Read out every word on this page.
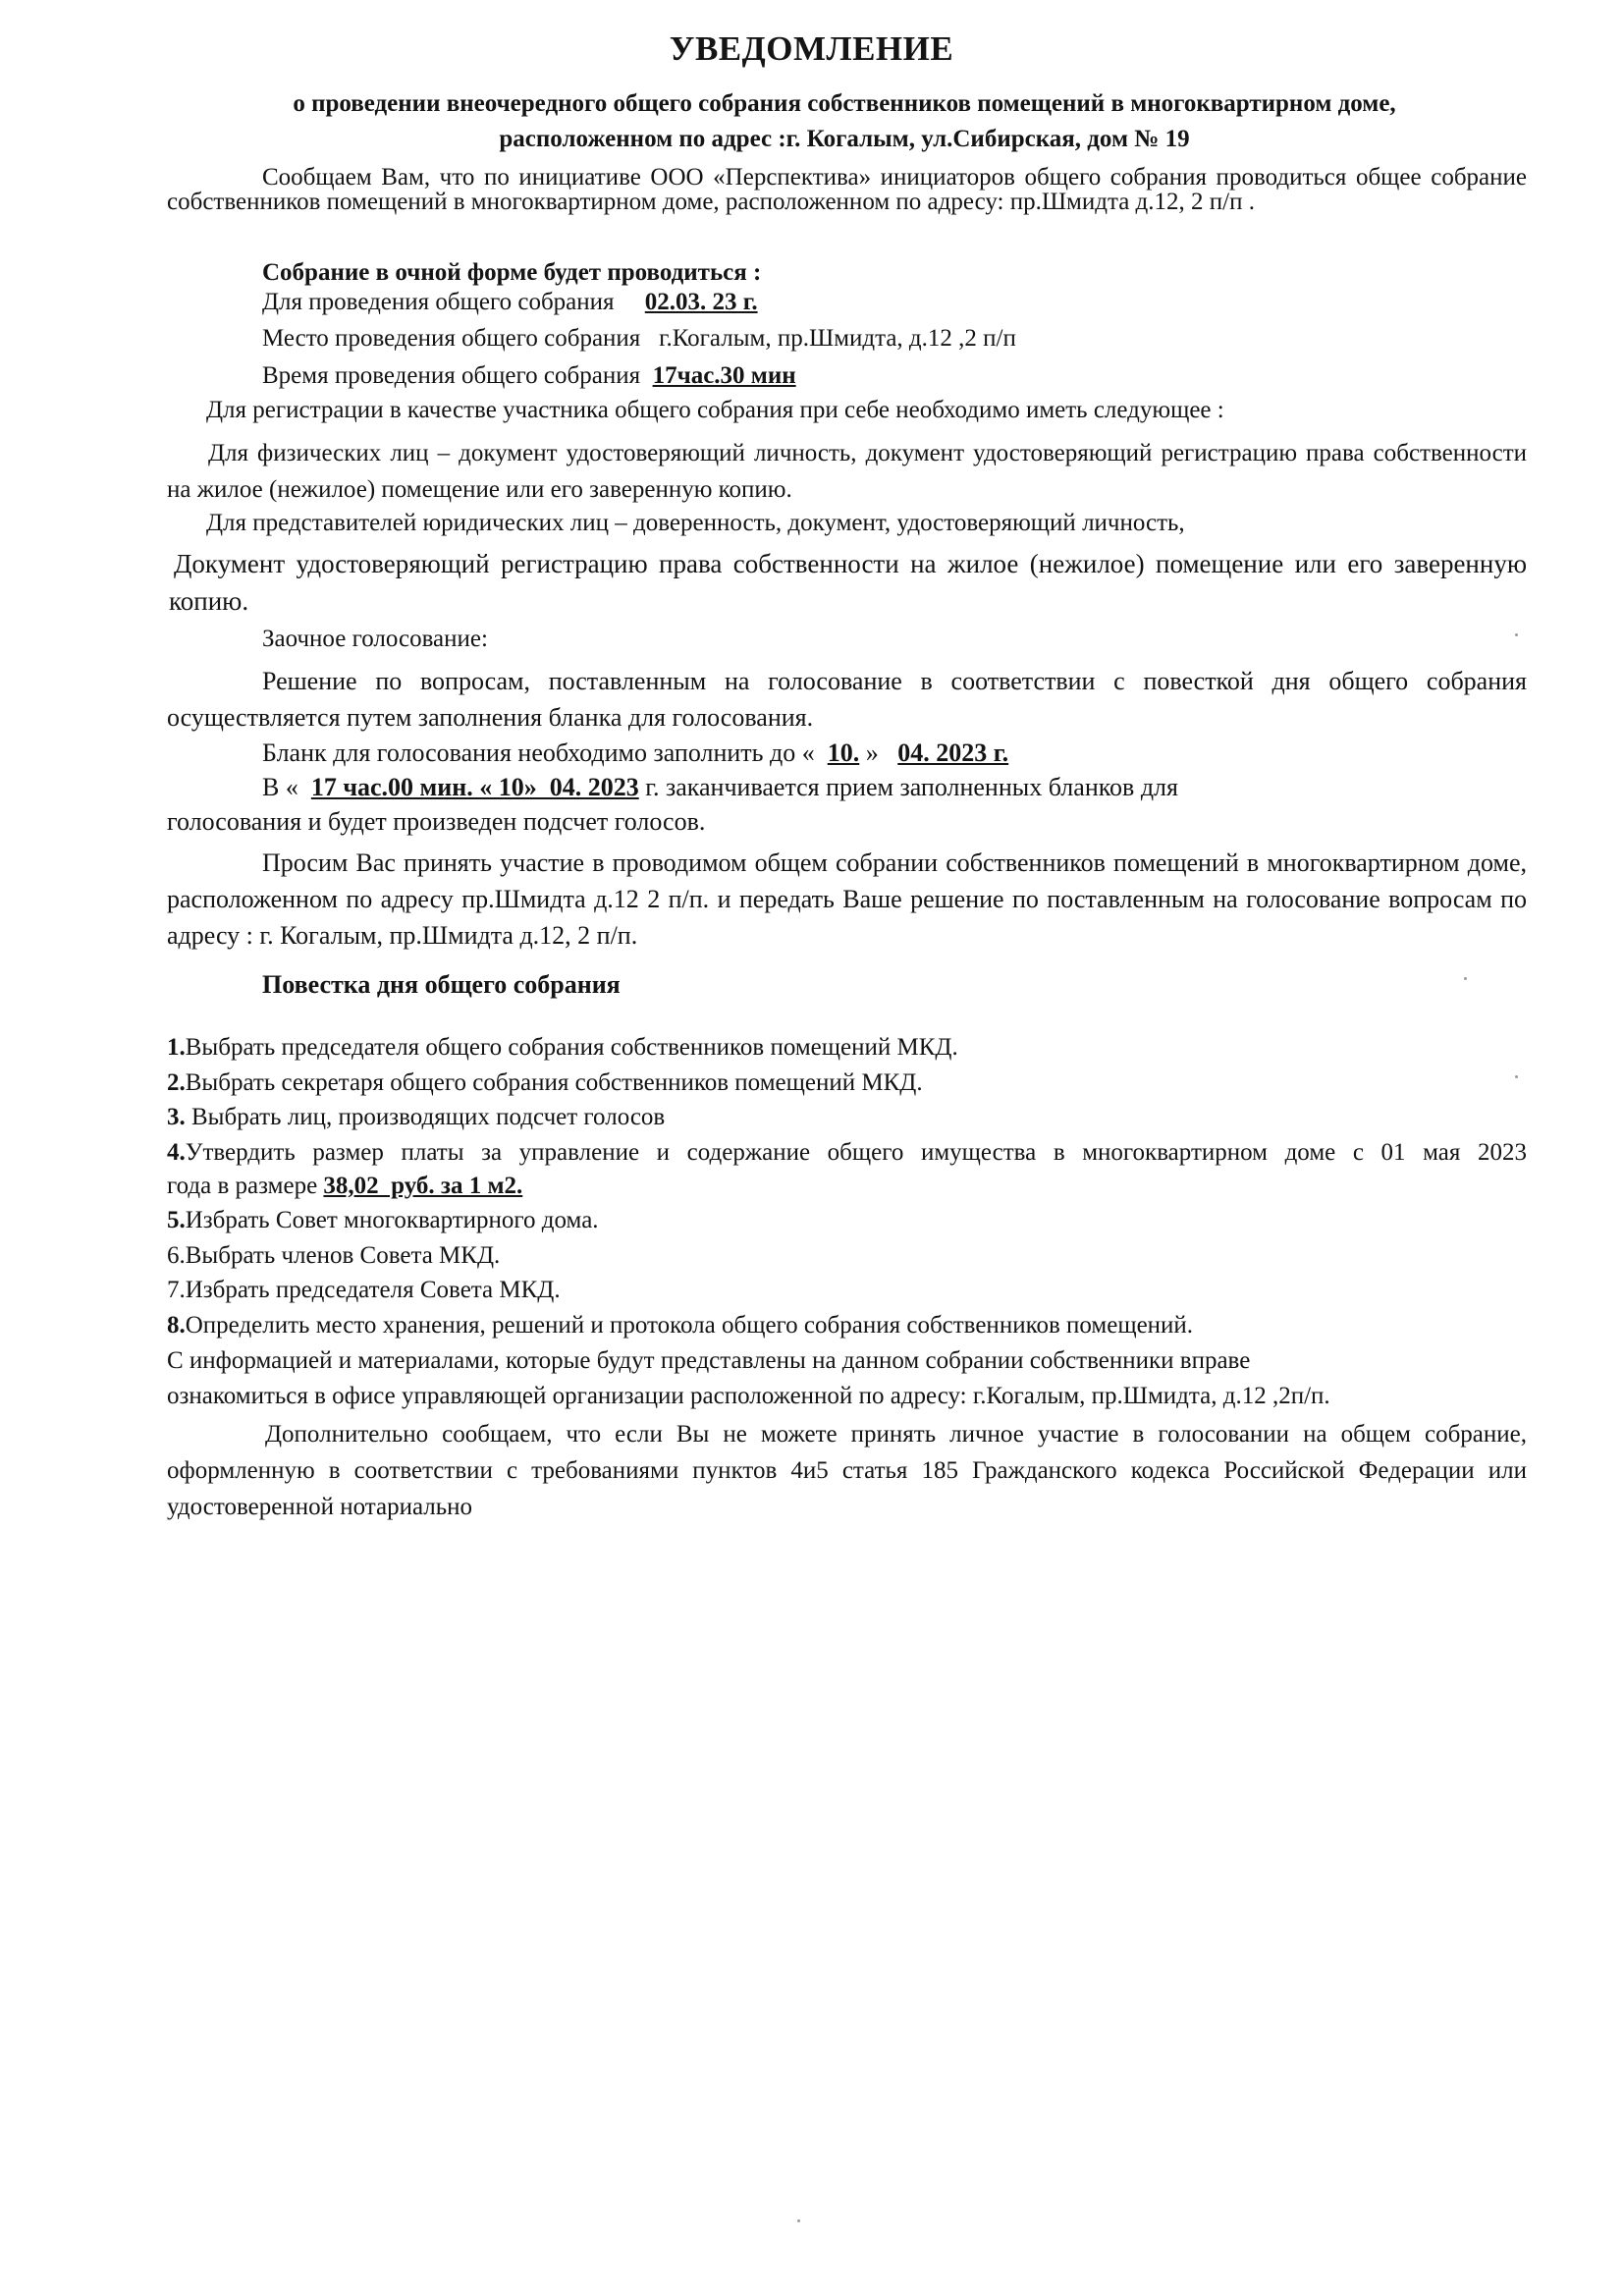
УВЕДОМЛЕНИЕ
о проведении внеочередного общего собрания собственников помещений в многоквартирном доме,
расположенном по адрес :г. Когалым, ул.Сибирская, дом № 19
Сообщаем Вам, что по инициативе ООО «Перспектива» инициаторов общего собрания проводиться общее собрание собственников помещений в многоквартирном доме, расположенном по адресу: пр.Шмидта д.12, 2 п/п .
Собрание в очной форме будет проводиться :
Для проведения общего собрания 02.03. 23 г.
Место проведения общего собрания г.Когалым, пр.Шмидта, д.12 ,2 п/п
Время проведения общего собрания 17час.30 мин
Для регистрации в качестве участника общего собрания при себе необходимо иметь следующее :
Для физических лиц – документ удостоверяющий личность, документ удостоверяющий регистрацию права собственности на жилое (нежилое) помещение или его заверенную копию.
Для представителей юридических лиц – доверенность, документ, удостоверяющий личность,
Документ удостоверяющий регистрацию права собственности на жилое (нежилое) помещение или его заверенную копию.
Заочное голосование:
Решение по вопросам, поставленным на голосование в соответствии с повесткой дня общего собрания осуществляется путем заполнения бланка для голосования.
Бланк для голосования необходимо заполнить до « 10. » 04. 2023 г.
В « 17 час.00 мин. « 10»  04. 2023 г. заканчивается прием заполненных бланков для
голосования и будет произведен подсчет голосов.
Просим Вас принять участие в проводимом общем собрании собственников помещений в многоквартирном доме, расположенном по адресу пр.Шмидта д.12 2 п/п. и передать Ваше решение по поставленным на голосование вопросам по адресу : г. Когалым, пр.Шмидта д.12, 2 п/п.
Повестка дня общего собрания
1.Выбрать председателя общего собрания собственников помещений МКД.
2.Выбрать секретаря общего собрания собственников помещений МКД.
3. Выбрать лиц, производящих подсчет голосов
4.Утвердить размер платы за управление и содержание общего имущества в многоквартирном доме с 01 мая 2023
года в размере 38,02  руб. за 1 м2.
5.Избрать Совет многоквартирного дома.
6.Выбрать членов Совета МКД.
7.Избрать председателя Совета МКД.
8.Определить место хранения, решений и протокола общего собрания собственников помещений.
С информацией и материалами, которые будут представлены на данном собрании собственники вправе
ознакомиться в офисе управляющей организации расположенной по адресу: г.Когалым, пр.Шмидта, д.12 ,2п/п.
Дополнительно сообщаем, что если Вы не можете принять личное участие в голосовании на общем собрание, оформленную в соответствии с требованиями пунктов 4и5 статья 185 Гражданского кодекса Российской Федерации или удостоверенной нотариально
